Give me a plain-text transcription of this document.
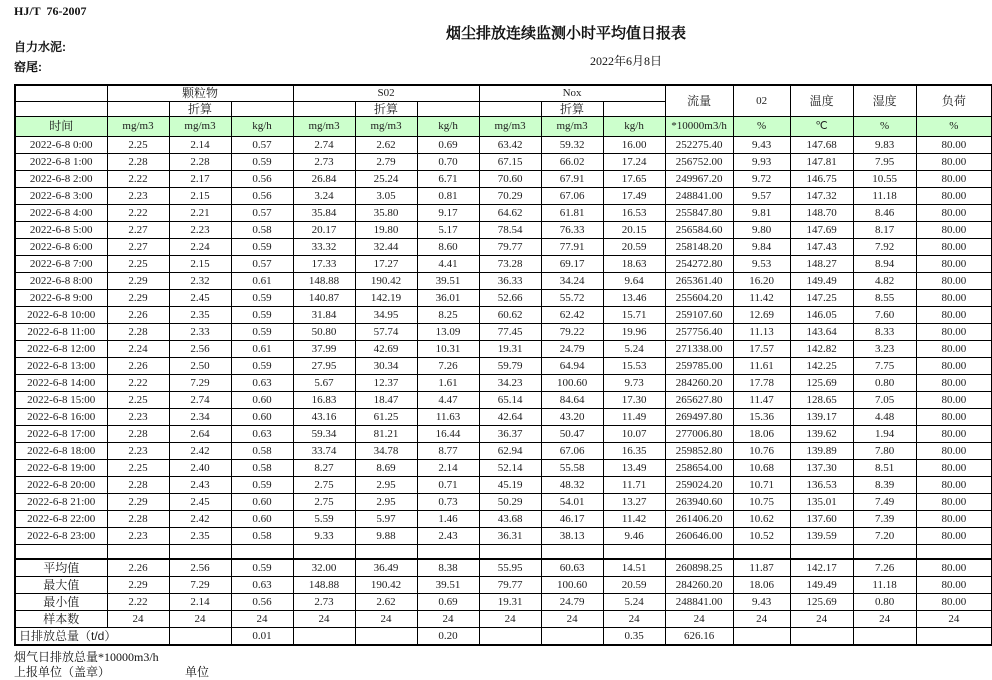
HJ/T  76-2007
烟尘排放连续监测小时平均值日报表
自力水泥:
窑尾:	2022年6月8日
	颗粒物			S02			Nox			流量	02	温度	湿度	负荷
		折算			折算			折算						
时间	mg/m3	mg/m3	kg/h	mg/m3	mg/m3	kg/h	mg/m3	mg/m3	kg/h	*10000m3/h	%	℃	%	%
2022-6-8 0:00	2.25	2.14	0.57	2.74	2.62	0.69	63.42	59.32	16.00	252275.40	9.43	147.68	9.83	80.00
2022-6-8 1:00	2.28	2.28	0.59	2.73	2.79	0.70	67.15	66.02	17.24	256752.00	9.93	147.81	7.95	80.00
2022-6-8 2:00	2.22	2.17	0.56	26.84	25.24	6.71	70.60	67.91	17.65	249967.20	9.72	146.75	10.55	80.00
2022-6-8 3:00	2.23	2.15	0.56	3.24	3.05	0.81	70.29	67.06	17.49	248841.00	9.57	147.32	11.18	80.00
2022-6-8 4:00	2.22	2.21	0.57	35.84	35.80	9.17	64.62	61.81	16.53	255847.80	9.81	148.70	8.46	80.00
2022-6-8 5:00	2.27	2.23	0.58	20.17	19.80	5.17	78.54	76.33	20.15	256584.60	9.80	147.69	8.17	80.00
2022-6-8 6:00	2.27	2.24	0.59	33.32	32.44	8.60	79.77	77.91	20.59	258148.20	9.84	147.43	7.92	80.00
2022-6-8 7:00	2.25	2.15	0.57	17.33	17.27	4.41	73.28	69.17	18.63	254272.80	9.53	148.27	8.94	80.00
2022-6-8 8:00	2.29	2.32	0.61	148.88	190.42	39.51	36.33	34.24	9.64	265361.40	16.20	149.49	4.82	80.00
2022-6-8 9:00	2.29	2.45	0.59	140.87	142.19	36.01	52.66	55.72	13.46	255604.20	11.42	147.25	8.55	80.00
2022-6-8 10:00	2.26	2.35	0.59	31.84	34.95	8.25	60.62	62.42	15.71	259107.60	12.69	146.05	7.60	80.00
2022-6-8 11:00	2.28	2.33	0.59	50.80	57.74	13.09	77.45	79.22	19.96	257756.40	11.13	143.64	8.33	80.00
2022-6-8 12:00	2.24	2.56	0.61	37.99	42.69	10.31	19.31	24.79	5.24	271338.00	17.57	142.82	3.23	80.00
2022-6-8 13:00	2.26	2.50	0.59	27.95	30.34	7.26	59.79	64.94	15.53	259785.00	11.61	142.25	7.75	80.00
2022-6-8 14:00	2.22	7.29	0.63	5.67	12.37	1.61	34.23	100.60	9.73	284260.20	17.78	125.69	0.80	80.00
2022-6-8 15:00	2.25	2.74	0.60	16.83	18.47	4.47	65.14	84.64	17.30	265627.80	11.47	128.65	7.05	80.00
2022-6-8 16:00	2.23	2.34	0.60	43.16	61.25	11.63	42.64	43.20	11.49	269497.80	15.36	139.17	4.48	80.00
2022-6-8 17:00	2.28	2.64	0.63	59.34	81.21	16.44	36.37	50.47	10.07	277006.80	18.06	139.62	1.94	80.00
2022-6-8 18:00	2.23	2.42	0.58	33.74	34.78	8.77	62.94	67.06	16.35	259852.80	10.76	139.89	7.80	80.00
2022-6-8 19:00	2.25	2.40	0.58	8.27	8.69	2.14	52.14	55.58	13.49	258654.00	10.68	137.30	8.51	80.00
2022-6-8 20:00	2.28	2.43	0.59	2.75	2.95	0.71	45.19	48.32	11.71	259024.20	10.71	136.53	8.39	80.00
2022-6-8 21:00	2.29	2.45	0.60	2.75	2.95	0.73	50.29	54.01	13.27	263940.60	10.75	135.01	7.49	80.00
2022-6-8 22:00	2.28	2.42	0.60	5.59	5.97	1.46	43.68	46.17	11.42	261406.20	10.62	137.60	7.39	80.00
2022-6-8 23:00	2.23	2.35	0.58	9.33	9.88	2.43	36.31	38.13	9.46	260646.00	10.52	139.59	7.20	80.00

平均值	2.26	2.56	0.59	32.00	36.49	8.38	55.95	60.63	14.51	260898.25	11.87	142.17	7.26	80.00
最大值	2.29	7.29	0.63	148.88	190.42	39.51	79.77	100.60	20.59	284260.20	18.06	149.49	11.18	80.00
最小值	2.22	2.14	0.56	2.73	2.62	0.69	19.31	24.79	5.24	248841.00	9.43	125.69	0.80	80.00
样本数	24	24	24	24	24	24	24	24	24	24	24	24	24	24
日排放总量（t/d）			0.01			0.20			0.35	626.16				
烟气日排放总量*10000m3/h
上报单位（盖章）	单位
